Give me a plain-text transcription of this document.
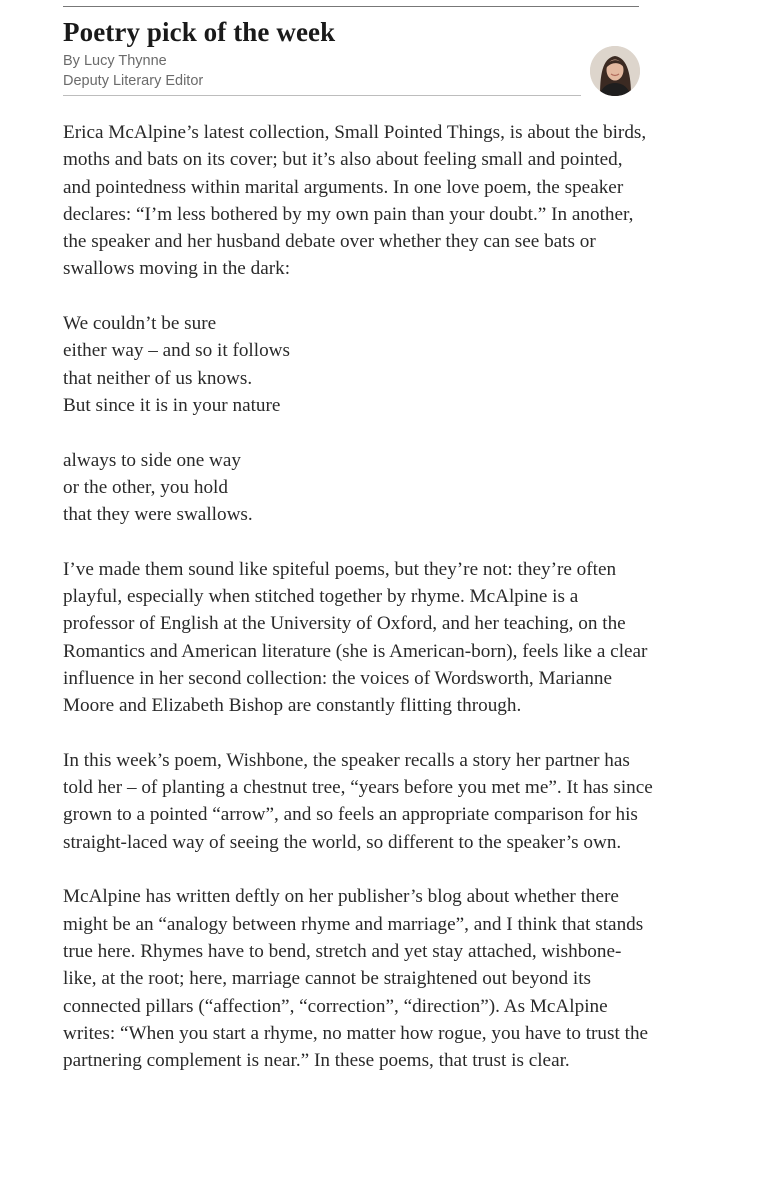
Poetry pick of the week
By Lucy Thynne
Deputy Literary Editor

Erica McAlpine’s latest collection, Small Pointed Things, is about the birds, moths and bats on its cover; but it’s also about feeling small and pointed, and pointedness within marital arguments. In one love poem, the speaker declares: “I’m less bothered by my own pain than your doubt.” In another, the speaker and her husband debate over whether they can see bats or swallows moving in the dark:

We couldn’t be sure
either way – and so it follows
that neither of us knows.
But since it is in your nature
always to side one way
or the other, you hold
that they were swallows.

I’ve made them sound like spiteful poems, but they’re not: they’re often playful, especially when stitched together by rhyme. McAlpine is a professor of English at the University of Oxford, and her teaching, on the Romantics and American literature (she is American-born), feels like a clear influence in her second collection: the voices of Wordsworth, Marianne Moore and Elizabeth Bishop are constantly flitting through.

In this week’s poem, Wishbone, the speaker recalls a story her partner has told her – of planting a chestnut tree, “years before you met me”. It has since grown to a pointed “arrow”, and so feels an appropriate comparison for his straight-laced way of seeing the world, so different to the speaker’s own.

McAlpine has written deftly on her publisher’s blog about whether there might be an “analogy between rhyme and marriage”, and I think that stands true here. Rhymes have to bend, stretch and yet stay attached, wishbone-like, at the root; here, marriage cannot be straightened out beyond its connected pillars (“affection”, “correction”, “direction”). As McAlpine writes: “When you start a rhyme, no matter how rogue, you have to trust the partnering complement is near.” In these poems, that trust is clear.
